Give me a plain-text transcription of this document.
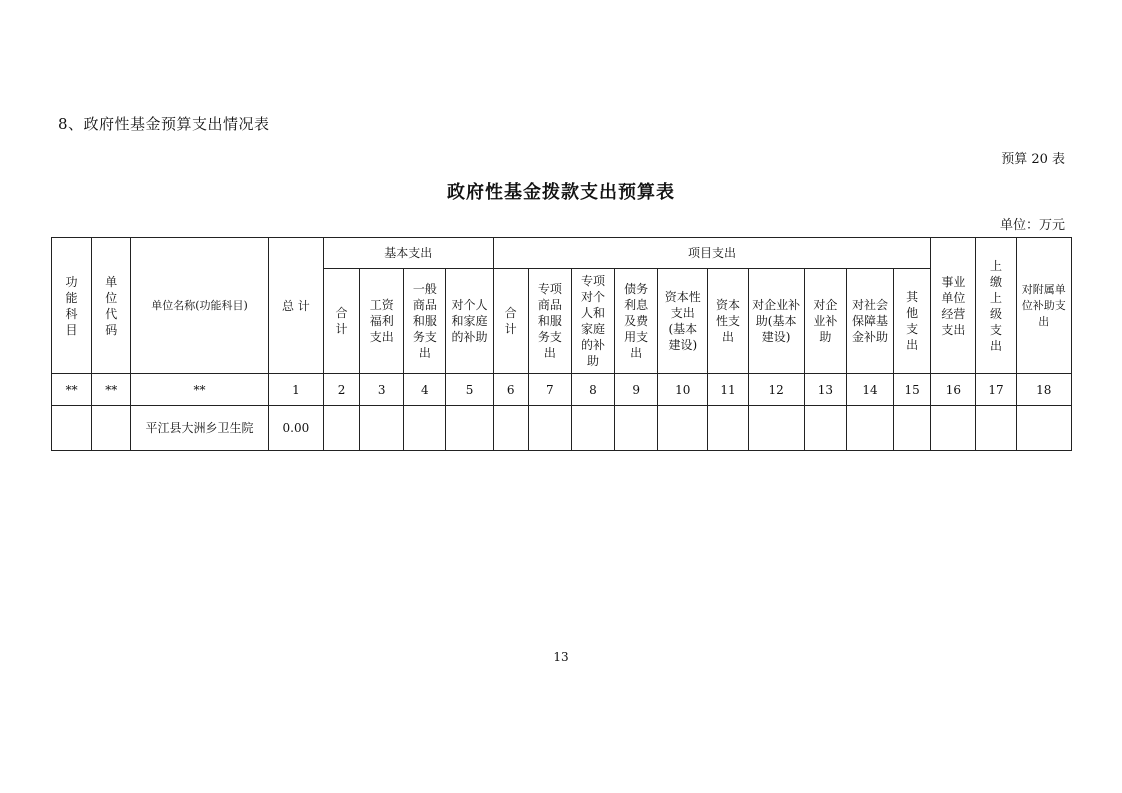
8、政府性基金预算支出情况表
预算 20 表
政府性基金拨款支出预算表
单位：万元
功能科目	单位代码	单位名称(功能科目)	总 计	基本支出				项目支出										事业单位经营支出	上缴上级支出	对附属单位补助支出
				合计	工资福利支出	一般商品和服务支出	对个人和家庭的补助	合计	专项商品和服务支出	专项对个人和家庭的补助	债务利息及费用支出	资本性支出(基本建设)	资本性支出	对企业补助(基本建设)	对企业补助	对社会保障基金补助	其他支出			
**	**	**	1	2	3	4	5	6	7	8	9	10	11	12	13	14	15	16	17	18
		平江县大洲乡卫生院	0.00																	
13
